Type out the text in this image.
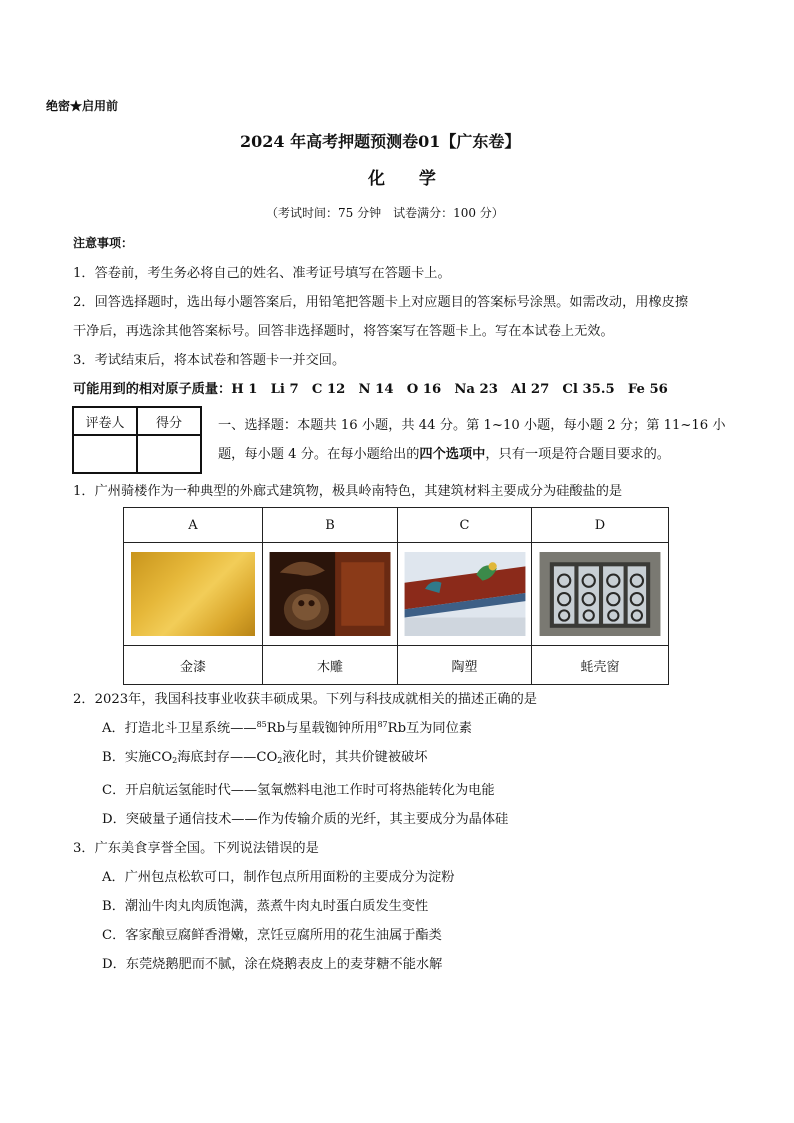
绝密★启用前
2024 年高考押题预测卷01【广东卷】
化 学
（考试时间：75 分钟　试卷满分：100 分）
注意事项：
1．答卷前，考生务必将自己的姓名、准考证号填写在答题卡上。
2．回答选择题时，选出每小题答案后，用铅笔把答题卡上对应题目的答案标号涂黑。如需改动，用橡皮擦
干净后，再选涂其他答案标号。回答非选择题时，将答案写在答题卡上。写在本试卷上无效。
3．考试结束后，将本试卷和答题卡一并交回。
可能用到的相对原子质量：H 1　Li 7　C 12　N 14　O 16　Na 23　Al 27　Cl 35.5　Fe 56
评卷人	得分
		一、选择题：本题共 16 小题，共 44 分。第 1~10 小题，每小题 2 分；第 11~16 小
题，每小题 4 分。在每小题给出的四个选项中，只有一项是符合题目要求的。
1．广州骑楼作为一种典型的外廊式建筑物，极具岭南特色，其建筑材料主要成分为硅酸盐的是
A	B	C	D

金漆	木雕	陶塑	蚝壳窗
2．2023年，我国科技事业收获丰硕成果。下列与科技成就相关的描述正确的是
A．打造北斗卫星系统——$^{85}$Rb与星载铷钟所用$^{87}$Rb互为同位素
B．实施$CO_2$海底封存$——CO_2$液化时，其共价键被破坏
C．开启航运氢能时代——氢氧燃料电池工作时可将热能转化为电能
D．突破量子通信技术——作为传输介质的光纤，其主要成分为晶体硅
3．广东美食享誉全国。下列说法错误的是
A．广州包点松软可口，制作包点所用面粉的主要成分为淀粉
B．潮汕牛肉丸肉质饱满，蒸煮牛肉丸时蛋白质发生变性
C．客家酿豆腐鲜香滑嫩，烹饪豆腐所用的花生油属于酯类
D．东莞烧鹅肥而不腻，涂在烧鹅表皮上的麦芽糖不能水解
